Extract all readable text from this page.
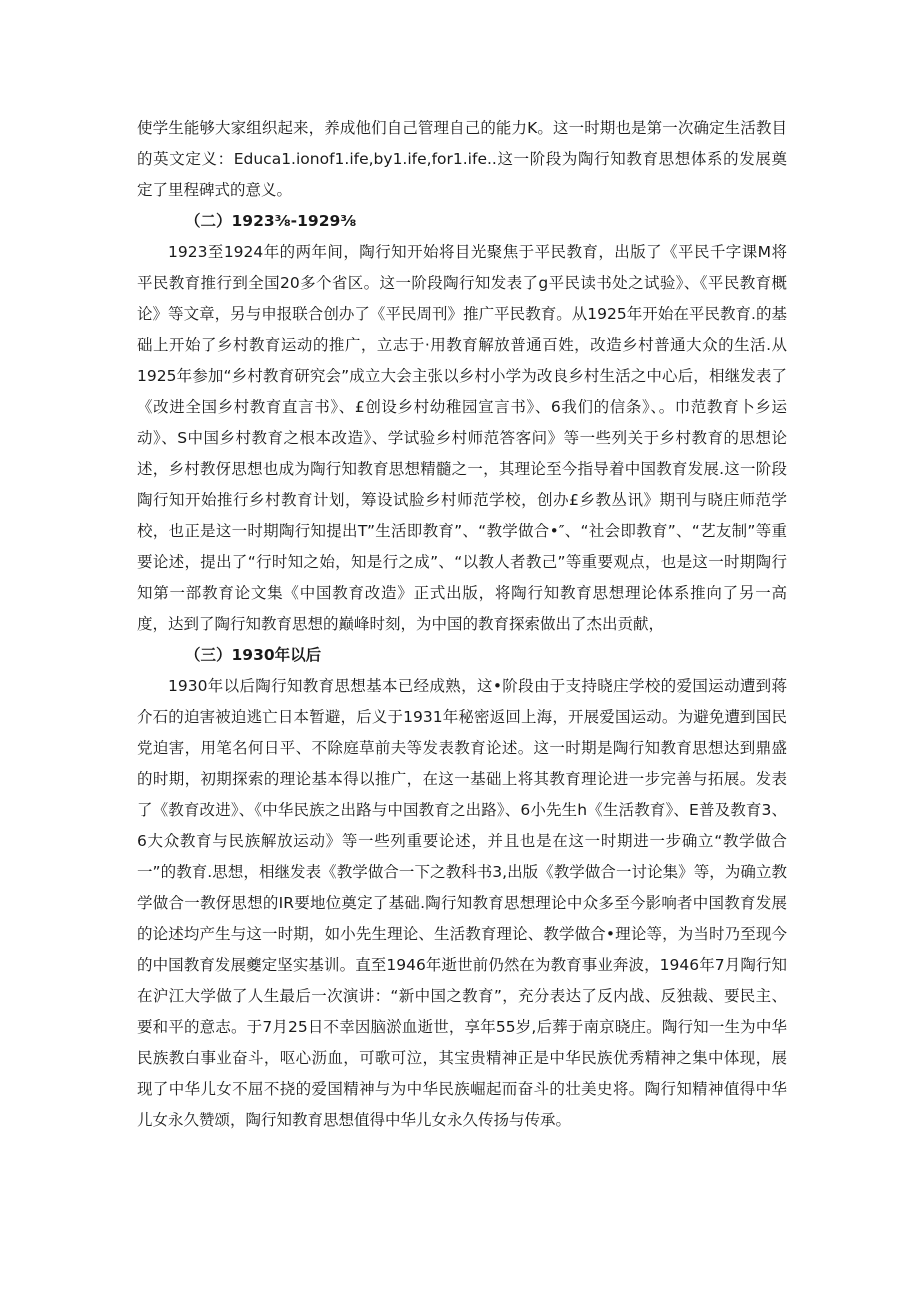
使学生能够大家组织起来，养成他们自己管理自己的能力K。这一时期也是第一次确定生活教目的英文定义：Educa1.ionof1.ife,by1.ife,for1.ife..这一阶段为陶行知教育思想体系的发展奠定了里程碑式的意义。

（二）1923⅜-1929⅜

1923至1924年的两年间，陶行知开始将目光聚焦于平民教育，出版了《平民千字课M将平民教育推行到全国20多个省区。这一阶段陶行知发表了g平民读书处之试验》、《平民教育概论》等文章，另与申报联合创办了《平民周刊》推广平民教育。从1925年开始在平民教育.的基础上开始了乡村教育运动的推广，立志于·用教育解放普通百姓，改造乡村普通大众的生活.从1925年参加“乡村教育研究会”成立大会主张以乡村小学为改良乡村生活之中心后，相继发表了《改进全国乡村教育直言书》、£创设乡村幼稚园宣言书》、6我们的信条》、。巾范教育卜乡运动》、S中国乡村教育之根本改造》、学试验乡村师范答客问》等一些列关于乡村教育的思想论述，乡村教伢思想也成为陶行知教育思想精髓之一，其理论至今指导着中国教育发展.这一阶段陶行知开始推行乡村教育计划，筹设试脸乡村师范学校，创办£乡教丛讯》期刊与晓庄师范学校，也正是这一时期陶行知提出T”生活即教育”、“教学做合•″、“社会即教育”、“艺友制”等重要论述，提出了“行时知之始，知是行之成”、“以教人者教己”等重要观点，也是这一时期陶行知第一部教育论文集《中国教育改造》正式出版，将陶行知教育思想理论体系推向了另一高度，达到了陶行知教育思想的巅峰时刻，为中国的教育探索做出了杰出贡献，

（三）1930年以后

1930年以后陶行知教育思想基本已经成熟，这•阶段由于支持晓庄学校的爱国运动遭到蒋介石的迫害被迫逃亡日本暂避，后义于1931年秘密返回上海，开展爱国运动。为避免遭到国民党迫害，用笔名何日平、不除庭草前夫等发表教育论述。这一时期是陶行知教育思想达到鼎盛的时期，初期探索的理论基本得以推广，在这一基础上将其教育理论进一步完善与拓展。发表了《教育改进》、《中华民族之出路与中国教育之出路》、6小先生h《生活教育》、E普及教育3、6大众教育与民族解放运动》等一些列重要论述，并且也是在这一时期进一步确立“教学做合一”的教育.思想，相继发表《教学做合一下之教科书3,出版《教学做合一讨论集》等，为确立教学做合一教伢思想的IR要地位奠定了基础.陶行知教育思想理论中众多至今影响者中国教育发展的论述均产生与这一时期，如小先生理论、生活教育理论、教学做合•理论等，为当时乃至现今的中国教育发展夔定坚实基训。直至1946年逝世前仍然在为教育事业奔波，1946年7月陶行知在沪江大学做了人生最后一次演讲：“新中国之教育”，充分表达了反内战、反独裁、要民主、要和平的意志。于7月25日不幸因脑淤血逝世，享年55岁,后葬于南京晓庄。陶行知一生为中华民族教白事业奋斗，呕心沥血，可歌可泣，其宝贵精神正是中华民族优秀精神之集中体现，展现了中华儿女不屈不挠的爱国精神与为中华民族崛起而奋斗的壮美史将。陶行知精神值得中华儿女永久赞颂，陶行知教育思想值得中华儿女永久传扬与传承。
